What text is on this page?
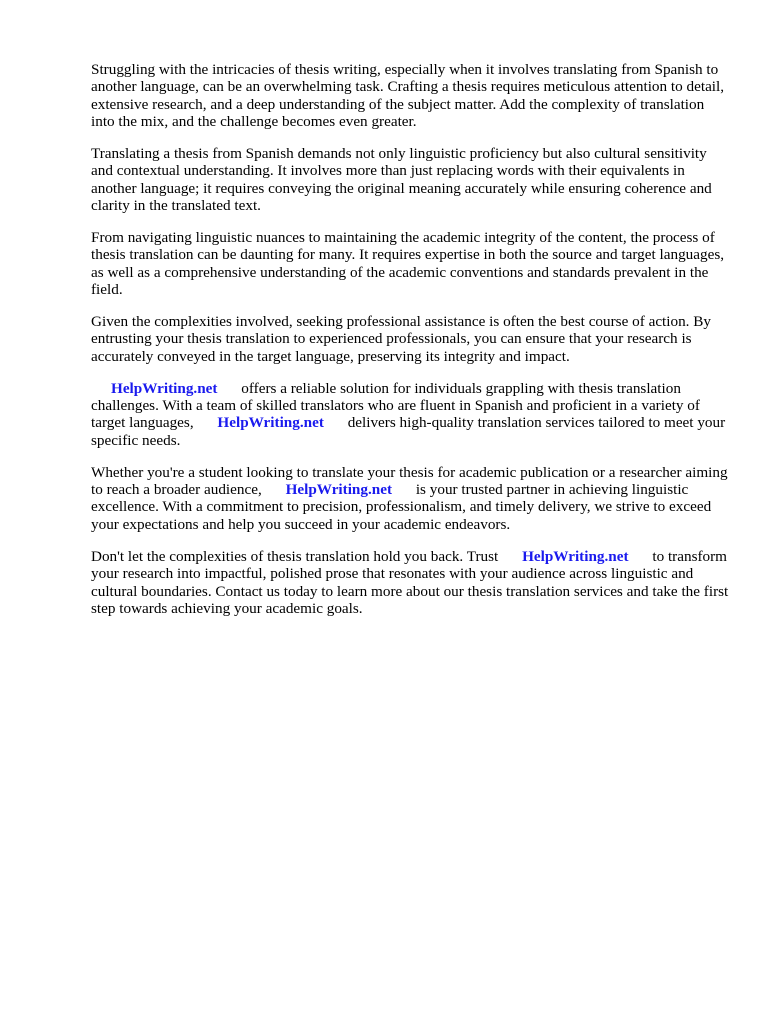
Struggling with the intricacies of thesis writing, especially when it involves translating from Spanish to another language, can be an overwhelming task. Crafting a thesis requires meticulous attention to detail, extensive research, and a deep understanding of the subject matter. Add the complexity of translation into the mix, and the challenge becomes even greater.

Translating a thesis from Spanish demands not only linguistic proficiency but also cultural sensitivity and contextual understanding. It involves more than just replacing words with their equivalents in another language; it requires conveying the original meaning accurately while ensuring coherence and clarity in the translated text.

From navigating linguistic nuances to maintaining the academic integrity of the content, the process of thesis translation can be daunting for many. It requires expertise in both the source and target languages, as well as a comprehensive understanding of the academic conventions and standards prevalent in the field.

Given the complexities involved, seeking professional assistance is often the best course of action. By entrusting your thesis translation to experienced professionals, you can ensure that your research is accurately conveyed in the target language, preserving its integrity and impact.

HelpWriting.net offers a reliable solution for individuals grappling with thesis translation challenges. With a team of skilled translators who are fluent in Spanish and proficient in a variety of target languages, HelpWriting.net delivers high-quality translation services tailored to meet your specific needs.

Whether you're a student looking to translate your thesis for academic publication or a researcher aiming to reach a broader audience, HelpWriting.net is your trusted partner in achieving linguistic excellence. With a commitment to precision, professionalism, and timely delivery, we strive to exceed your expectations and help you succeed in your academic endeavors.

Don't let the complexities of thesis translation hold you back. Trust HelpWriting.net to transform your research into impactful, polished prose that resonates with your audience across linguistic and cultural boundaries. Contact us today to learn more about our thesis translation services and take the first step towards achieving your academic goals.
